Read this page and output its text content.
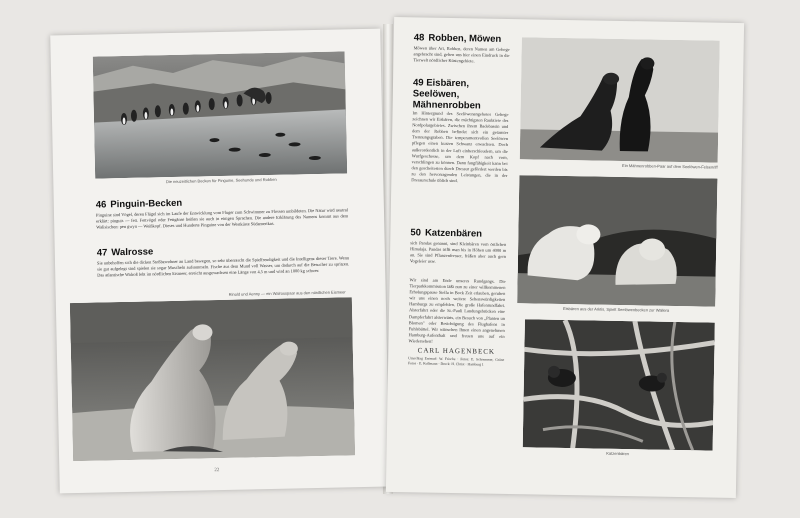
Die neuzeitlichen Becken für Pinguine, Seehunde und Robben
46 Pinguin-Becken
Pinguine sind Vögel, deren Flügel sich im Laufe der Entwicklung vom Fluger zum Schwimmer zu Flossen umbildeten. Die Natur wird neutral erklärt: pinguis — fett. Fettvögel oder Fettgänse heißen sie auch in einigen Sprachen. Die andere Erklärung des Namens kommt aus dem Walisischen: pen gwyn — Weißkopf. Dieses und Hunderte Pinguine von der Westküste Südamerikas.
47 Walrosse
Sie unbeholfen sich die dicken Stoßbewohner an Land bewegen, so sehr überrascht die Spielfreudigkeit und die Intelligenz dieser Tiere. Wenn sie gut aufgelegt sind spielen sie sogar Muscheln aufsammeln. Fische aus dem Mund voll Wasser, um dadurch auf die Besucher zu spritzen. Das atlantische Walroß lebt im nördlichen Eismeer, erreicht ausgewachsen eine Länge von 4,5 m und wird an 1000 kg schwer.
Rinold und Aenny — ein Walrosspaar aus den nördlichen Eismeer
22
48 Robben, Möwen
Möwen über Art, Robben, deren Namen am Gehege angebracht sind, gehen uns hier einen Eindruck in die Tierwelt nördlicher Küstengebiete.
49 Eisbären, Seelöwen, Mähnenrobben
Im Hintergrund des Seelöwenangebotes Gehege zeichnen wir Eisbären, die mächtigsten Raubtiere des Nordpolargebietes. Zwischen ihrem Badebassin und dem der Robben befindet sich ein getarnter Trennungsgraben. Die temperamentvollen Seelöwen pflegen einen kurzen Schwanz erwachsen. Doch außerordentlich in der Luft einherschleudern, um die Wurfgeschosse, um dem Kopf nach vorn, verschlingen zu können. Dann fangfähigkeit kann bei den gescheitesten durch Dressur gefördert werden bis zu den hervorragenden Leistungen, die in der Dressurschule üblich sind.
50 Katzenbären
sich Pandas genannt, sind Kleinbären vom östlichen Himalaja. Pandas trifft man bis in Höhen um 4000 m an. Sie sind Pflanzenfresser, fräßen aber auch gern Vogeleier usw.
Wir sind am Ende unseres Rundgangs. Die Tierparkkommission läßt nun zu einer willkommenen Erholungspause Stella in Bock Zeit erlauben, geruhen wir uns einen noch weitere Sehenswürdigkeiten Hamburgs zu empfehlen. Die große Hafenrundfahrt. Alsterfahrt oder die St.-Pauli Landungsbrücken eine Dampferfahrt alsterwärts, ein Besuch von „Planten un Blomen" oder Besichtigung des Flughafens in Fuhlsbüttel. Wir wünschen Ihnen einen angenehmen Hamburg-Aufenthalt und freuen uns auf ein Wiedersehen!
CARL HAGENBECK
Umschlag Entwurf: W. Frische · Fotos: E. Schremmer, Grüne Fotos · E. Kollmann · Druck: H. Christ · Hamburg 1
Ein Mähnenrobben-Paar auf dem Seelöwen-Felsenriff
Eisbären aus der Arktis, Spielt Seelöwenbecken zur Wallera
Katzenbären
